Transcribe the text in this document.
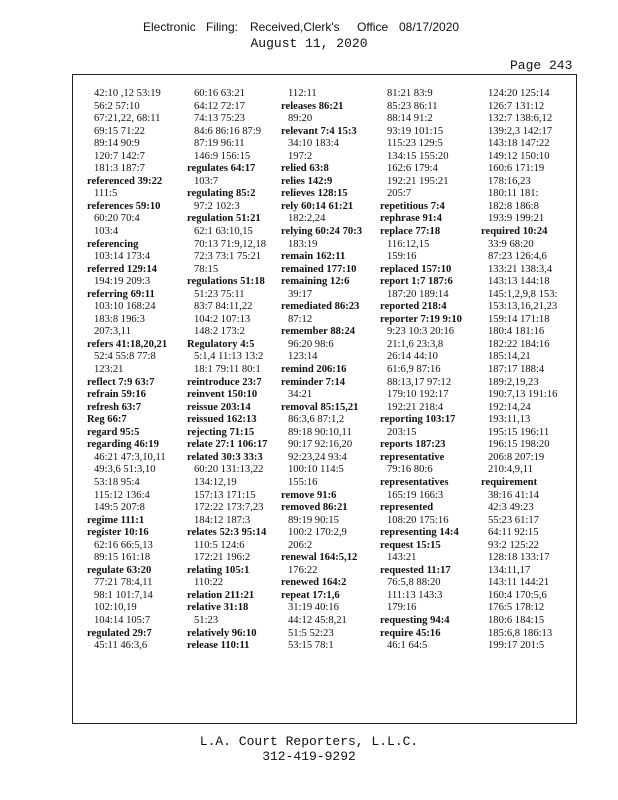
Electronic Filing: Received,Clerk's Office 08/17/2020
August 11, 2020
Page 243
42:10 ,12 53:19
56:2 57:10
67:21,22, 68:11
69:15 71:22
89:14 90:9
120:7 142:7
181:3 187:7
referenced 39:22
111:5
references 59:10
60:20 70:4
103:4
referencing
103:14 173:4
referred 129:14
194:19 209:3
referring 69:11
103:10 168:24
183:8 196:3
207:3,11
refers 41:18,20,21
52:4 55:8 77:8
123:21
reflect 7:9 63:7
refrain 59:16
refresh 63:7
Reg 66:7
regard 95:5
regarding 46:19
46:21 47:3,10,11
49:3,6 51:3,10
53:18 95:4
115:12 136:4
149:5 207:8
regime 111:1
register 10:16
62:16 66:5,13
89:15 161:18
regulate 63:20
77:21 78:4,11
98:1 101:7,14
102:10,19
104:14 105:7
regulated 29:7
45:11 46:3,6
60:16 63:21
64:12 72:17
74:13 75:23
84:6 86:16 87:9
87:19 96:11
146:9 156:15
regulates 64:17
103:7
regulating 85:2
97:2 102:3
regulation 51:21
62:1 63:10,15
70:13 71:9,12,18
72:3 73:1 75:21
78:15
regulations 51:18
51:23 75:11
83:7 84:11,22
104:2 107:13
148:2 173:2
Regulatory 4:5
5:1,4 11:13 13:2
18:1 79:11 80:1
reintroduce 23:7
reinvent 150:10
reissue 203:14
reissued 162:13
rejecting 71:15
relate 27:1 106:17
related 30:3 33:3
60:20 131:13,22
134:12,19
157:13 171:15
172:22 173:7,23
184:12 187:3
relates 52:3 95:14
110:5 124:6
172:21 196:2
relating 105:1
110:22
relation 211:21
relative 31:18
51:23
relatively 96:10
release 110:11
112:11
releases 86:21
89:20
relevant 7:4 15:3
34:10 183:4
197:2
relied 63:8
relies 142:9
relieves 128:15
rely 60:14 61:21
182:2,24
relying 60:24 70:3
183:19
remain 162:11
remained 177:10
remaining 12:6
39:17
remediated 86:23
87:12
remember 88:24
96:20 98:6
123:14
remind 206:16
reminder 7:14
34:21
removal 85:15,21
86:3,6 87:1,2
89:18 90:10,11
90:17 92:16,20
92:23,24 93:4
100:10 114:5
155:16
remove 91:6
removed 86:21
89:19 90:15
100:2 170:2,9
206:2
renewal 164:5,12
176:22
renewed 164:2
repeat 17:1,6
31:19 40:16
44:12 45:8,21
51:5 52:23
53:15 78:1
81:21 83:9
85:23 86:11
88:14 91:2
93:19 101:15
115:23 129:5
134:15 155:20
162:6 179:4
192:21 195:21
205:7
repetitious 7:4
rephrase 91:4
replace 77:18
116:12,15
159:16
replaced 157:10
report 1:7 187:6
187:20 189:14
reported 218:4
reporter 7:19 9:10
9:23 10:3 20:16
21:1,6 23:3,8
26:14 44:10
61:6,9 87:16
88:13,17 97:12
179:10 192:17
192:21 218:4
reporting 103:17
203:15
reports 187:23
representative
79:16 80:6
representatives
165:19 166:3
represented
108:20 175:16
representing 14:4
request 15:15
143:21
requested 11:17
76:5,8 88:20
111:13 143:3
179:16
requesting 94:4
require 45:16
46:1 64:5
124:20 125:14
126:7 131:12
132:7 138:6,12
139:2,3 142:17
143:18 147:22
149:12 150:10
160:6 171:19
178:16,23
180:11 181:
182:8 186:8
193:9 199:21
required 10:24
33:9 68:20
87:23 126:4,6
133:21 138:3,4
143:13 144:18
145:1,2,9,8 153:
153:13,16,21,23
159:14 171:18
180:4 181:16
182:22 184:16
185:14,21
187:17 188:4
189:2,19,23
190:7,13 191:16
192:14,24
193:11,13
195:15 196:11
196:15 198:20
206:8 207:19
210:4,9,11
requirement
38:16 41:14
42:3 49:23
55:23 61:17
64:11 92:15
93:2 125:22
128:18 133:17
134:11,17
143:11 144:21
160:4 170:5,6
176:5 178:12
180:6 184:15
185:6,8 186:13
199:17 201:5
L.A. Court Reporters, L.L.C.
312-419-9292
